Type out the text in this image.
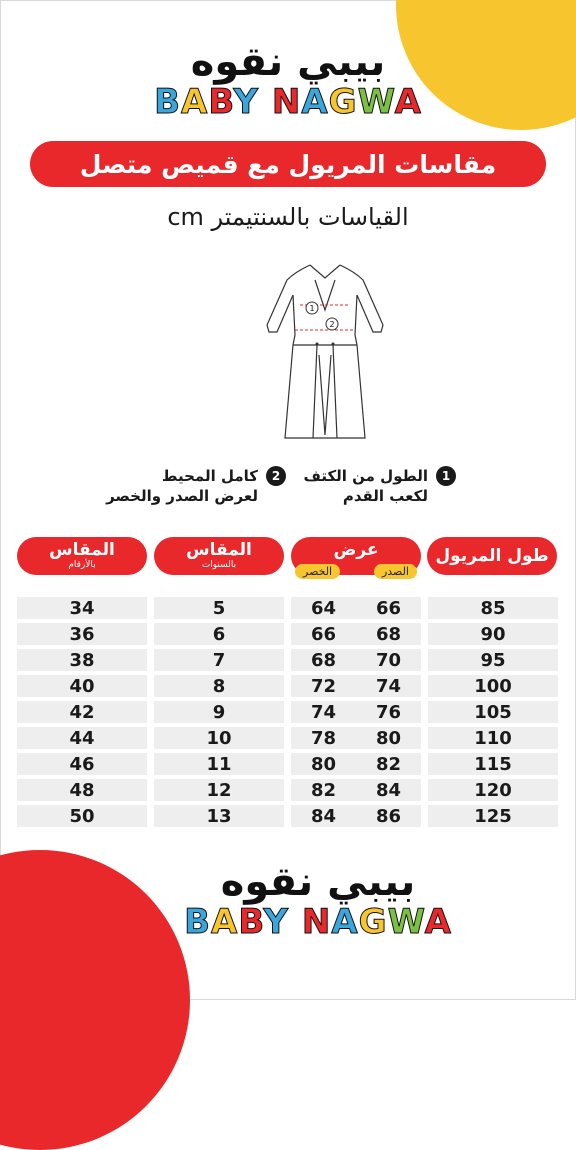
بيبي نقوه
BABY NAGWA
مقاسات المريول مع قميص متصل
القياسات بالسنتيمتر cm
1
2
1
الطول من الكتف
لكعب القدم
2
كامل المحيط
لعرض الصدر والخصر
طول المريول
عرض
الخصر	الصدر
المقاس
بالسنوات
المقاس
بالأرقام
34	5	64 66	85
36	6	66 68	90
38	7	68 70	95
40	8	72 74	100
42	9	74 76	105
44	10	78 80	110
46	11	80 82	115
48	12	82 84	120
50	13	84 86	125
بيبي نقوه
BABY NAGWA
